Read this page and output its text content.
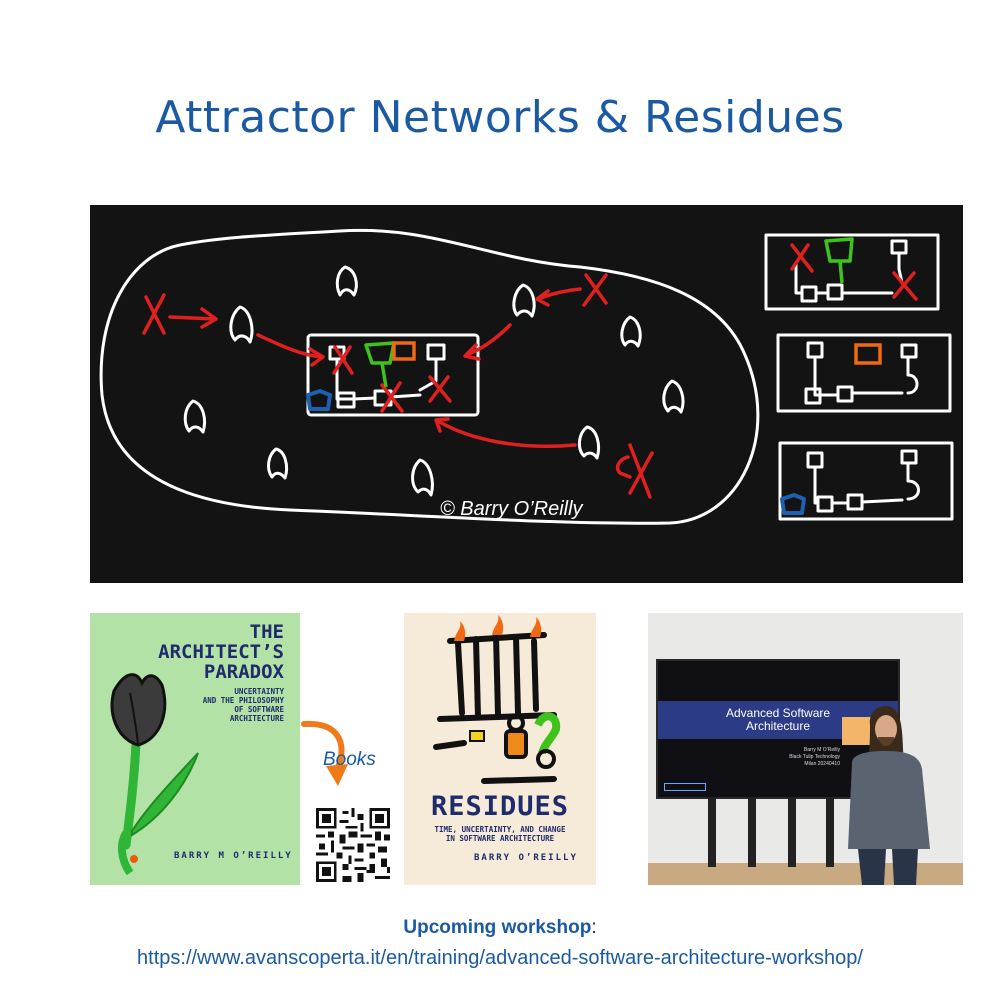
Attractor Networks & Residues
© Barry O’Reilly
THE
ARCHITECT’S
PARADOX
UNCERTAINTY
AND THE PHILOSOPHY
OF SOFTWARE
ARCHITECTURE
BARRY M O’REILLY
Books
RESIDUES
TIME, UNCERTAINTY, AND CHANGE
IN SOFTWARE ARCHITECTURE
BARRY O’REILLY
Advanced Software
Architecture
Barry M O’Reilly
Black Tulip Technology
Milan 20240410
Upcoming workshop:
https://www.avanscoperta.it/en/training/advanced-software-architecture-workshop/
